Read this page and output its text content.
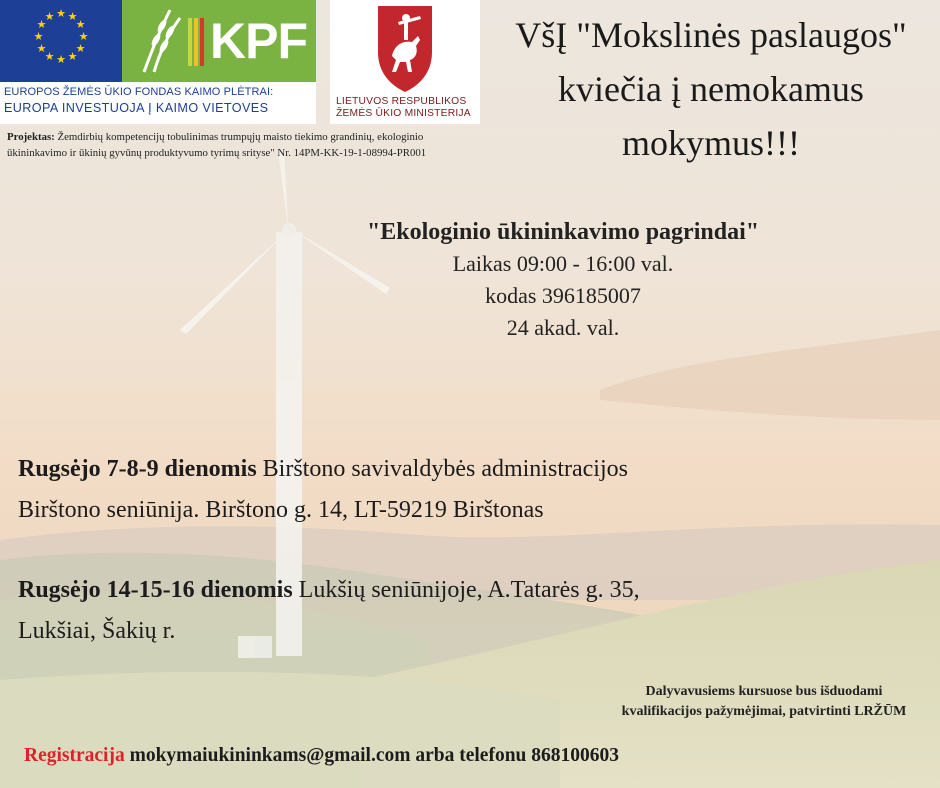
★ ★
★
★
★
★
★
★
★
★
★
★	KPF
EUROPOS ŽEMĖS ŪKIO FONDAS KAIMO PLĖTRAI:
EUROPA INVESTUOJA Į KAIMO VIETOVES	LIETUVOS RESPUBLIKOS
ŽEMĖS ŪKIO MINISTERIJA
Projektas: Žemdirbių kompetencijų tobulinimas trumpųjų maisto tiekimo grandinių, ekologinio ūkininkavimo ir ūkinių gyvūnų produktyvumo tyrimų srityse" Nr. 14PM-KK-19-1-08994-PR001
VšĮ "Mokslinės paslaugos"
kviečia į nemokamus
mokymus!!!
"Ekologinio ūkininkavimo pagrindai"
Laikas 09:00 - 16:00 val.
kodas 396185007
24 akad. val.
Rugsėjo 7-8-9 dienomis Birštono savivaldybės administracijos
Birštono seniūnija. Birštono g. 14, LT-59219 Birštonas
Rugsėjo 14-15-16 dienomis Lukšių seniūnijoje, A.Tatarės g. 35,
Lukšiai, Šakių r.
Dalyvavusiems kursuose bus išduodami
kvalifikacijos pažymėjimai, patvirtinti LRŽŪM
Registracija mokymaiukininkams@gmail.com arba telefonu 868100603
